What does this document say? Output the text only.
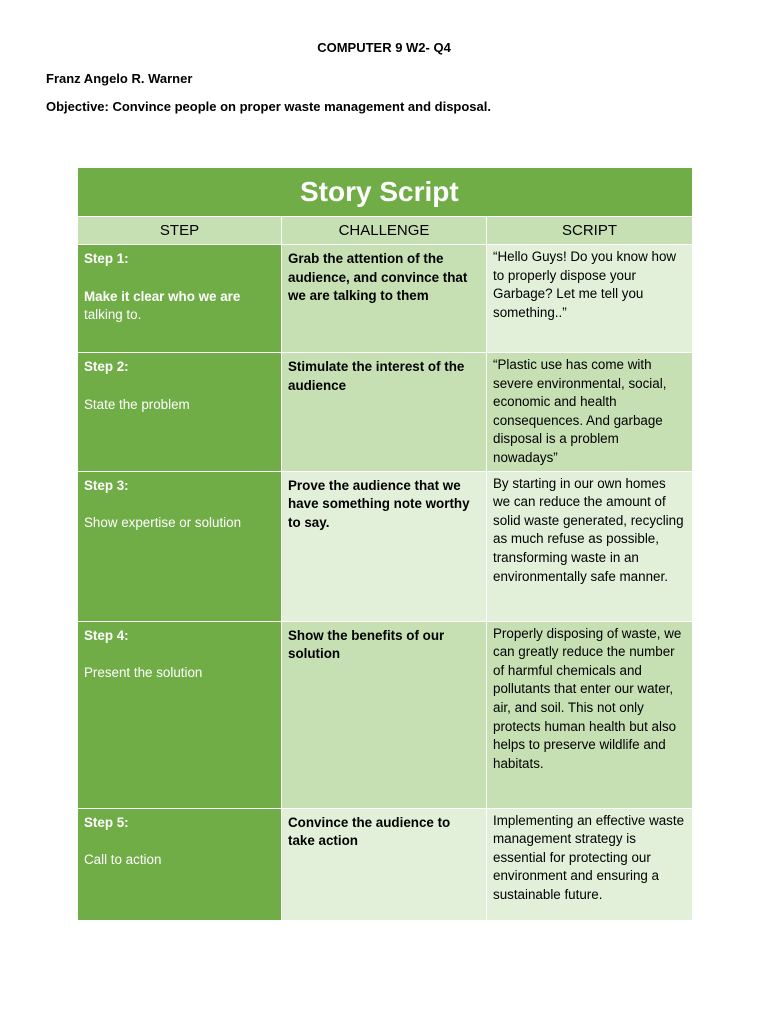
COMPUTER 9 W2- Q4
Franz Angelo R. Warner
Objective: Convince people on proper waste management and disposal.
Story Script		
STEP	CHALLENGE	SCRIPT

Step 1:
Make it clear who we are
talking to.	Grab the attention of the audience, and convince that we are talking to them	“Hello Guys! Do you know how to properly dispose your Garbage? Let me tell you something..”

Step 2:
State the problem	Stimulate the interest of the audience	“Plastic use has come with severe environmental, social, economic and health consequences. And garbage disposal is a problem nowadays”

Step 3:
Show expertise or solution	Prove the audience that we have something note worthy to say.	By starting in our own homes we can reduce the amount of solid waste generated, recycling as much refuse as possible, transforming waste in an environmentally safe manner.

Step 4:
Present the solution	Show the benefits of our solution	Properly disposing of waste, we can greatly reduce the number of harmful chemicals and pollutants that enter our water, air, and soil. This not only protects human health but also helps to preserve wildlife and habitats.

Step 5:
Call to action	Convince the audience to take action	Implementing an effective waste management strategy is essential for protecting our environment and ensuring a sustainable future.
